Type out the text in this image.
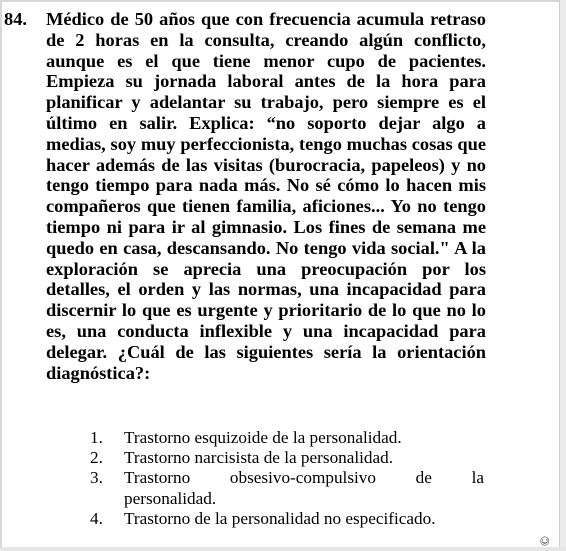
84. Médico de 50 años que con frecuencia acumula retraso de 2 horas en la consulta, creando algún conflicto, aunque es el que tiene menor cupo de pacientes. Empieza su jornada laboral antes de la hora para planificar y adelantar su trabajo, pero siempre es el último en salir. Explica: “no soporto dejar algo a medias, soy muy perfeccionista, tengo muchas cosas que hacer además de las visitas (burocracia, papeleos) y no tengo tiempo para nada más. No sé cómo lo hacen mis compañeros que tienen familia, aficiones... Yo no tengo tiempo ni para ir al gimnasio. Los fines de semana me quedo en casa, descansando. No tengo vida social." A la exploración se aprecia una preocupación por los detalles, el orden y las normas, una incapacidad para discernir lo que es urgente y prioritario de lo que no lo es, una conducta inflexible y una incapacidad para delegar. ¿Cuál de las siguientes sería la orientación diagnóstica?:

1. Trastorno esquizoide de la personalidad.
2. Trastorno narcisista de la personalidad.
3. Trastorno obsesivo-compulsivo de la
personalidad.
4. Trastorno de la personalidad no especificado.
©
